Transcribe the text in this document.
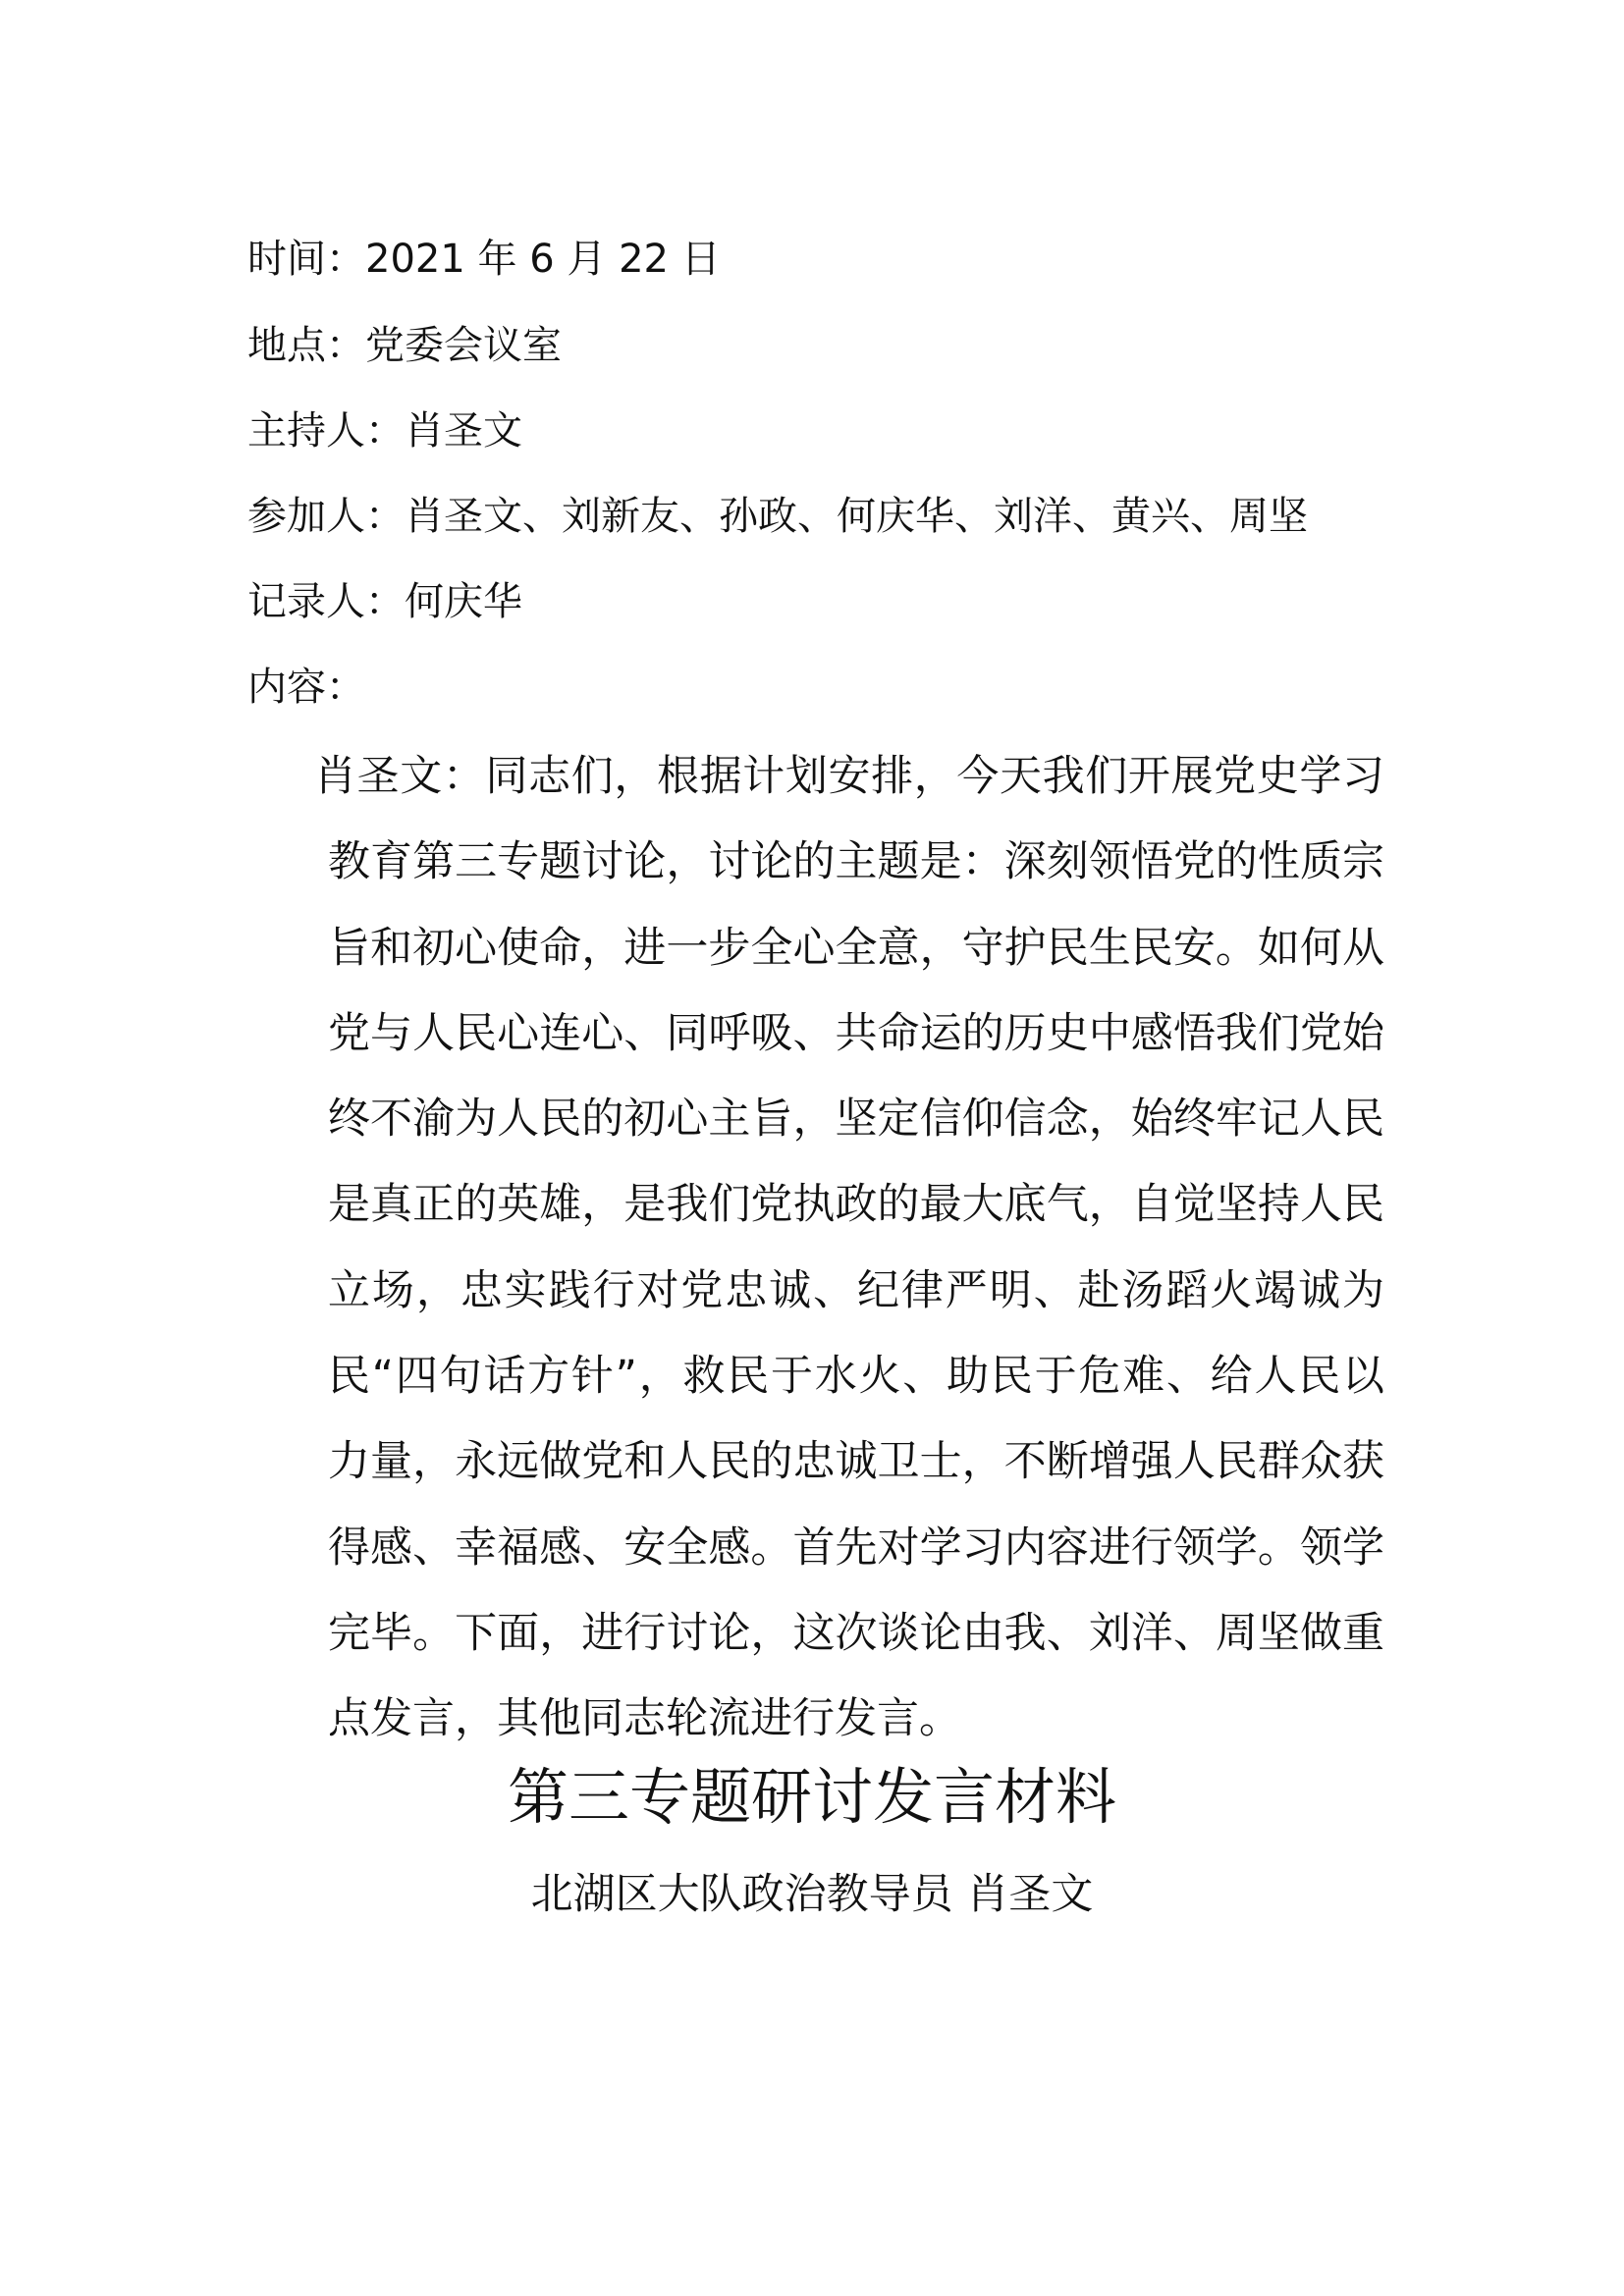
时间：2021 年 6 月 22 日
地点：党委会议室
主持人：肖圣文
参加人：肖圣文、刘新友、孙政、何庆华、刘洋、黄兴、周坚
记录人：何庆华
内容：
肖圣文：同志们，根据计划安排，今天我们开展党史学习教育第三专题讨论，讨论的主题是：深刻领悟党的性质宗旨和初心使命，进一步全心全意，守护民生民安。如何从党与人民心连心、同呼吸、共命运的历史中感悟我们党始终不渝为人民的初心主旨，坚定信仰信念，始终牢记人民是真正的英雄，是我们党执政的最大底气，自觉坚持人民立场，忠实践行对党忠诚、纪律严明、赴汤蹈火竭诚为民“四句话方针”，救民于水火、助民于危难、给人民以力量，永远做党和人民的忠诚卫士，不断增强人民群众获得感、幸福感、安全感。首先对学习内容进行领学。领学完毕。下面，进行讨论，这次谈论由我、刘洋、周坚做重点发言，其他同志轮流进行发言。
第三专题研讨发言材料
北湖区大队政治教导员 肖圣文
